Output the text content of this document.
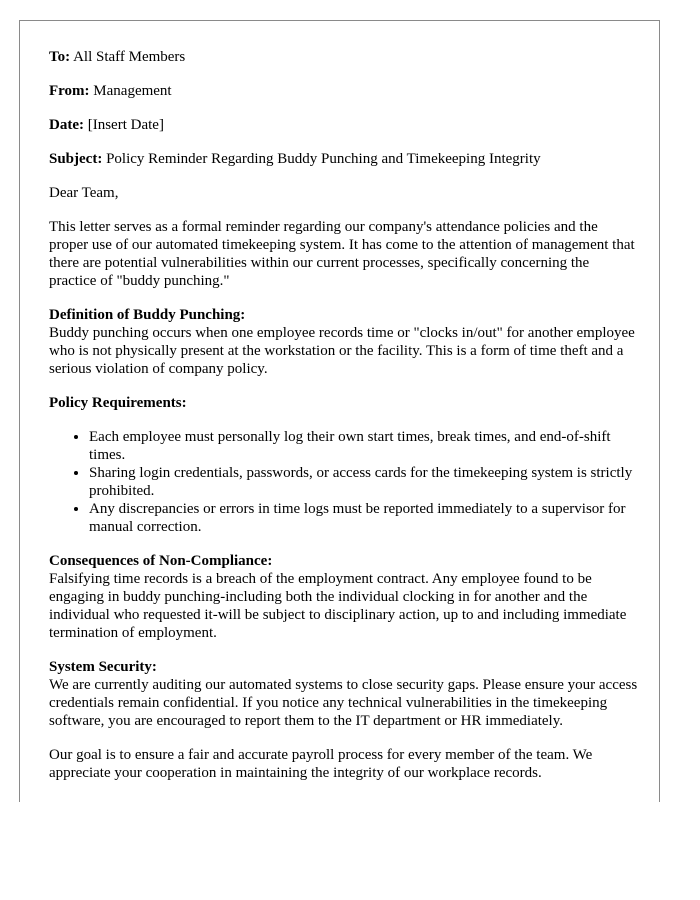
To: All Staff Members
From: Management
Date: [Insert Date]
Subject: Policy Reminder Regarding Buddy Punching and Timekeeping Integrity

Dear Team,

This letter serves as a formal reminder regarding our company's attendance policies and the proper use of our automated timekeeping system. It has come to the attention of management that there are potential vulnerabilities within our current processes, specifically concerning the practice of "buddy punching."

Definition of Buddy Punching:
Buddy punching occurs when one employee records time or "clocks in/out" for another employee who is not physically present at the workstation or the facility. This is a form of time theft and a serious violation of company policy.
Policy Requirements:
• Each employee must personally log their own start times, break times, and end-of-shift times.
• Sharing login credentials, passwords, or access cards for the timekeeping system is strictly prohibited.
• Any discrepancies or errors in time logs must be reported immediately to a supervisor for manual correction.
Consequences of Non-Compliance:
Falsifying time records is a breach of the employment contract. Any employee found to be engaging in buddy punching-including both the individual clocking in for another and the individual who requested it-will be subject to disciplinary action, up to and including immediate termination of employment.
System Security:
We are currently auditing our automated systems to close security gaps. Please ensure your access credentials remain confidential. If you notice any technical vulnerabilities in the timekeeping software, you are encouraged to report them to the IT department or HR immediately.

Our goal is to ensure a fair and accurate payroll process for every member of the team. We appreciate your cooperation in maintaining the integrity of our workplace records.
